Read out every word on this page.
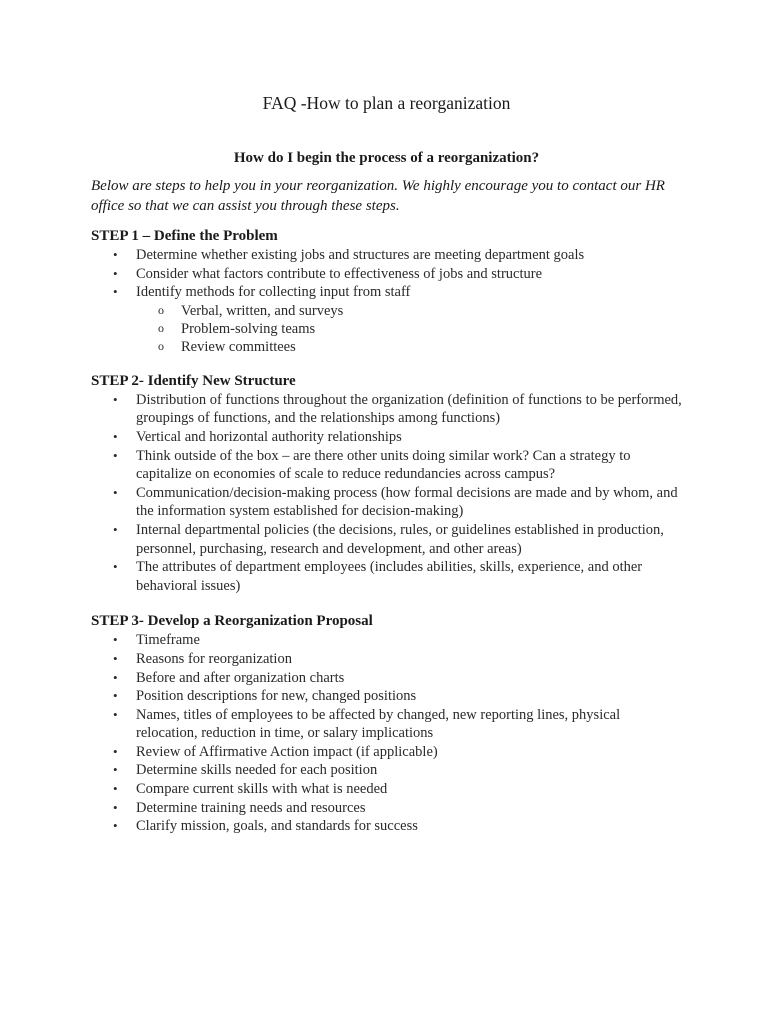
FAQ -How to plan a reorganization
How do I begin the process of a reorganization?

Below are steps to help you in your reorganization. We highly encourage you to contact our HR office so that we can assist you through these steps.

STEP 1 – Define the Problem
• Determine whether existing jobs and structures are meeting department goals
• Consider what factors contribute to effectiveness of jobs and structure
• Identify methods for collecting input from staff
o Verbal, written, and surveys
o Problem-solving teams
o Review committees
STEP 2- Identify New Structure
• Distribution of functions throughout the organization (definition of functions to be performed, groupings of functions, and the relationships among functions)
• Vertical and horizontal authority relationships
• Think outside of the box – are there other units doing similar work? Can a strategy to capitalize on economies of scale to reduce redundancies across campus?
• Communication/decision-making process (how formal decisions are made and by whom, and the information system established for decision-making)
• Internal departmental policies (the decisions, rules, or guidelines established in production, personnel, purchasing, research and development, and other areas)
• The attributes of department employees (includes abilities, skills, experience, and other behavioral issues)
STEP 3- Develop a Reorganization Proposal
• Timeframe
• Reasons for reorganization
• Before and after organization charts
• Position descriptions for new, changed positions
• Names, titles of employees to be affected by changed, new reporting lines, physical relocation, reduction in time, or salary implications
• Review of Affirmative Action impact (if applicable)
• Determine skills needed for each position
• Compare current skills with what is needed
• Determine training needs and resources
• Clarify mission, goals, and standards for success
